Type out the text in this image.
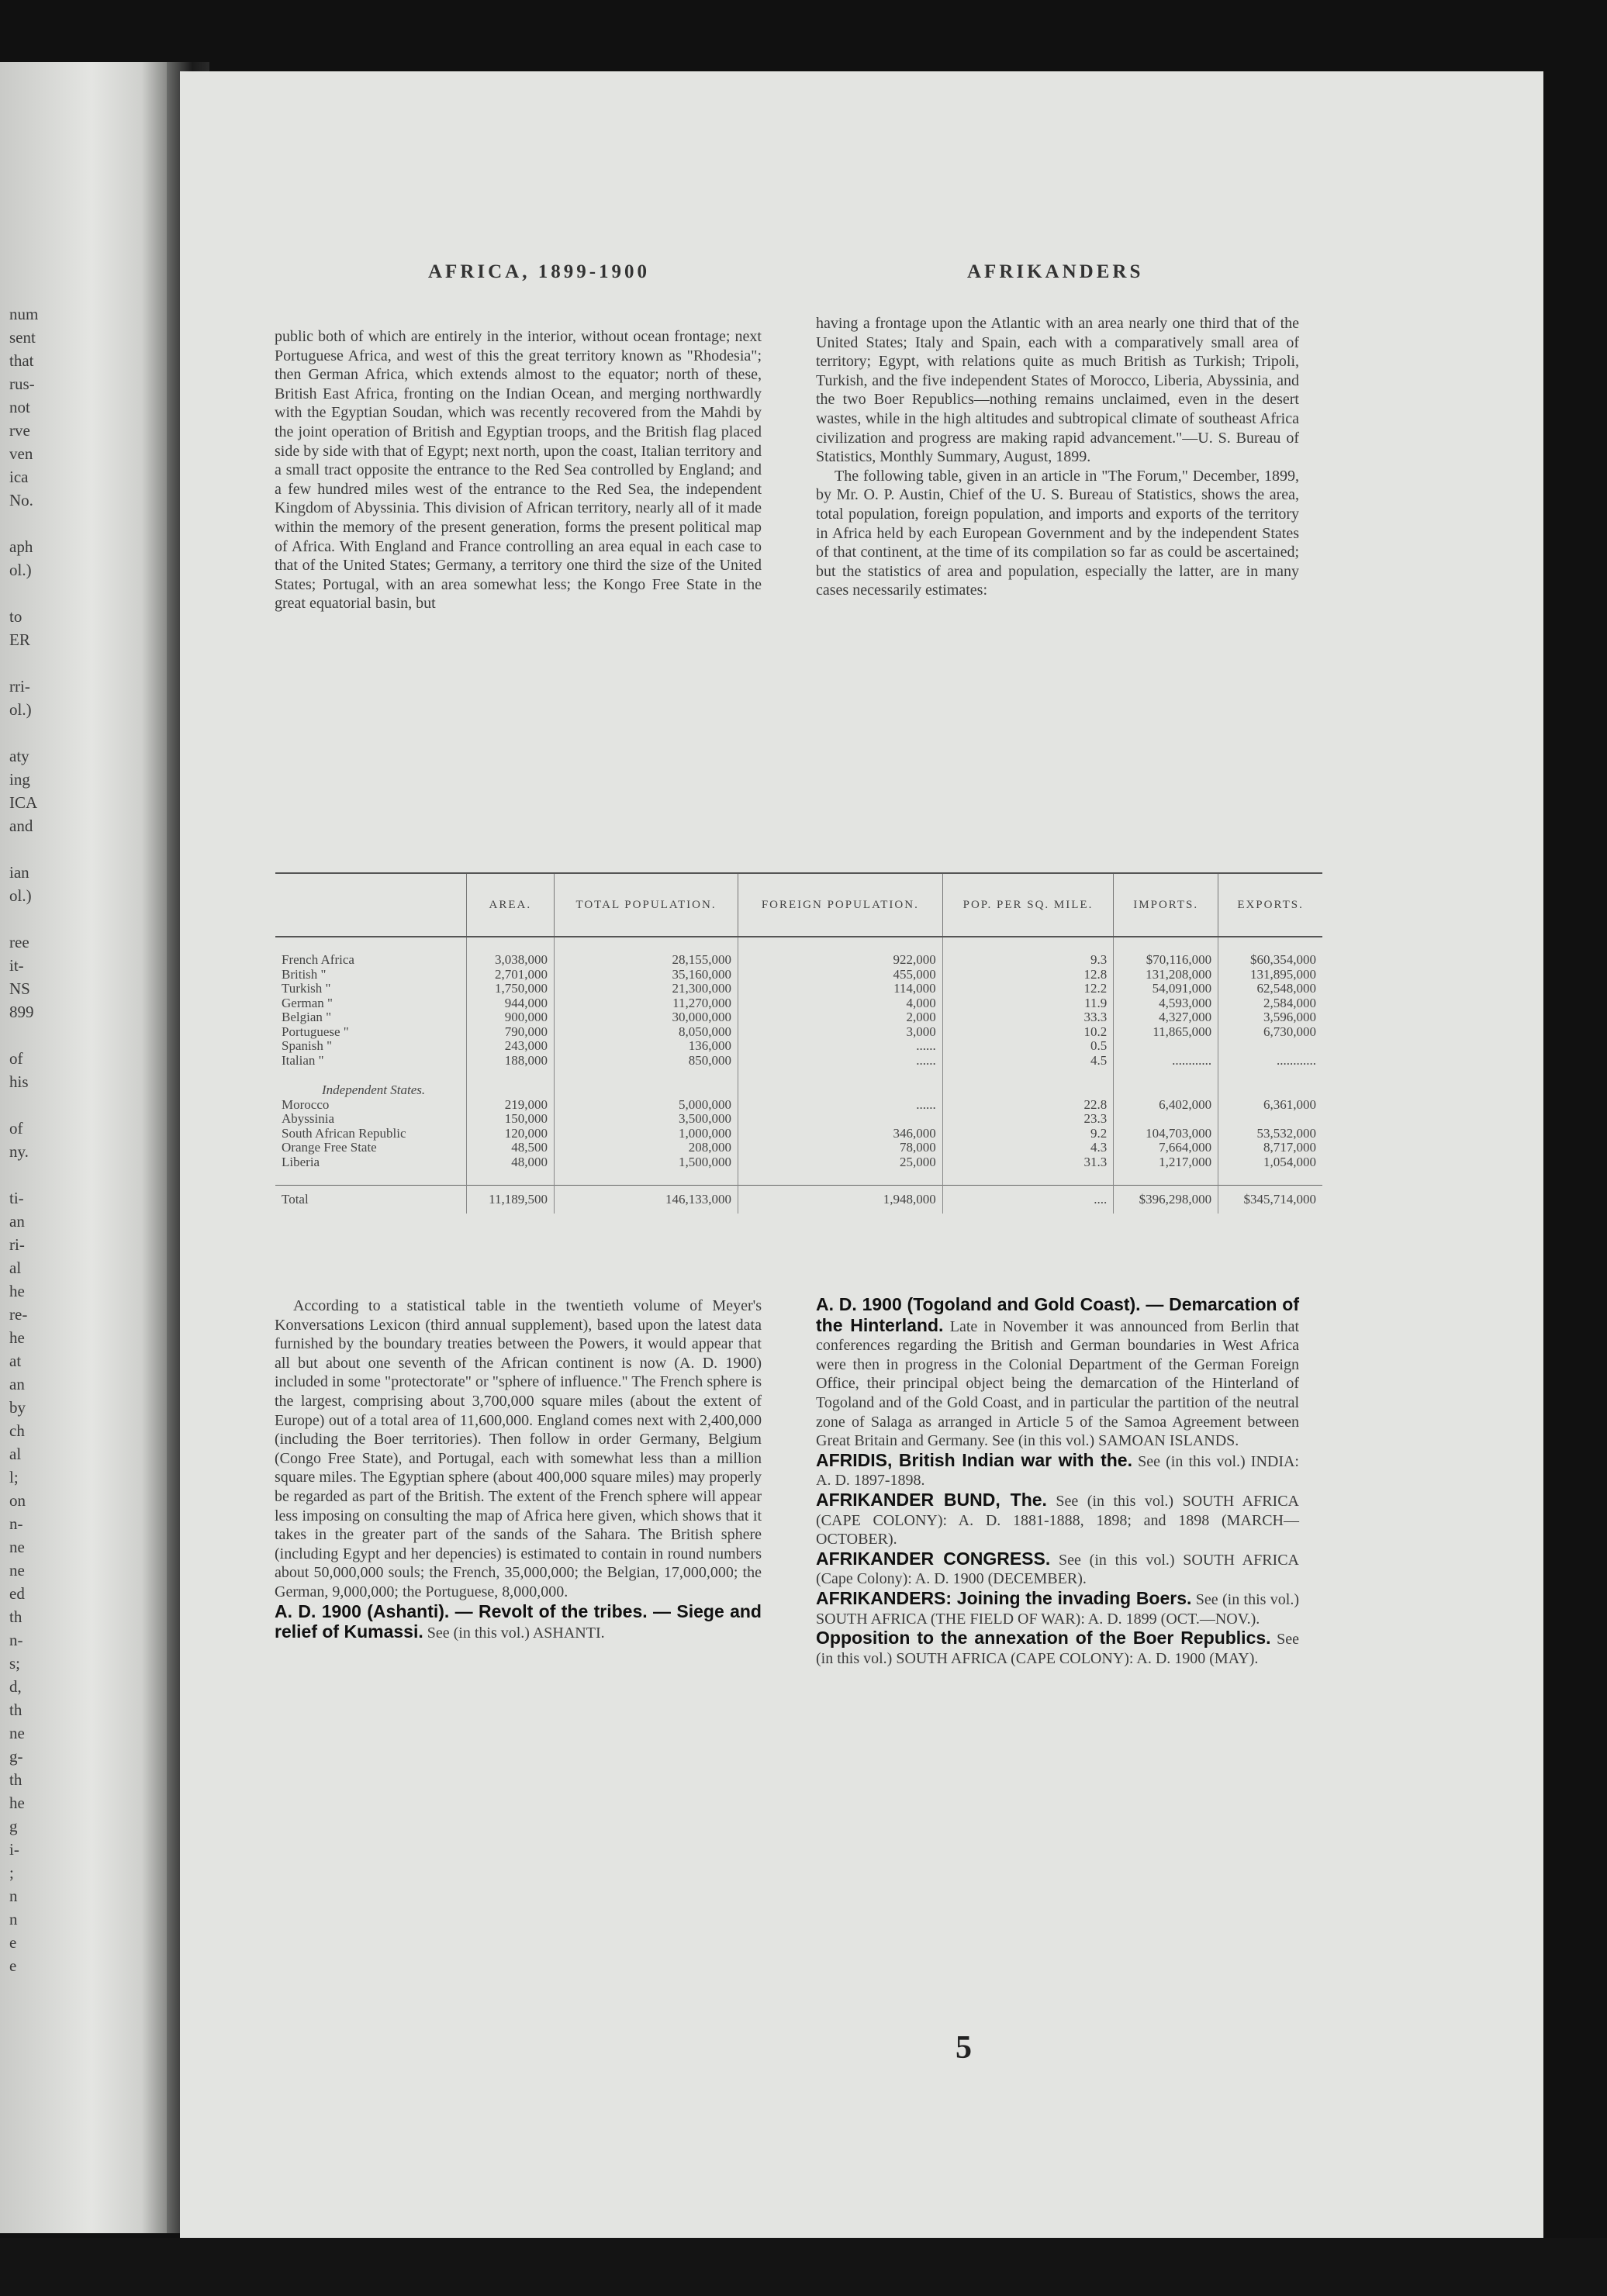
num
sent
that
rus-
not
rve
ven
ica
No.

aph
ol.)

to
ER

rri-
ol.)

aty
ing
ICA
and

ian
ol.)

ree
it-
NS
899

of
his

of
ny.

ti-
an
ri-
al
he
re-
he
at
an
by
ch
al
l;
on
n-
ne
ne
ed
th
n-
s;
d,
th
ne
g-
th
he
g
i-
;
n
n
e
e
AFRICA, 1899-1900	AFRIKANDERS

public both of which are entirely in the interior, without ocean frontage; next Portuguese Africa, and west of this the great territory known as "Rhodesia"; then German Africa, which extends almost to the equator; north of these, British East Africa, fronting on the Indian Ocean, and merging northwardly with the Egyptian Soudan, which was recently recovered from the Mahdi by the joint operation of British and Egyptian troops, and the British flag placed side by side with that of Egypt; next north, upon the coast, Italian territory and a small tract opposite the entrance to the Red Sea controlled by England; and a few hundred miles west of the entrance to the Red Sea, the independent Kingdom of Abyssinia. This division of African territory, nearly all of it made within the memory of the present generation, forms the present political map of Africa. With England and France controlling an area equal in each case to that of the United States; Germany, a territory one third the size of the United States; Portugal, with an area somewhat less; the Kongo Free State in the great equatorial basin, but

having a frontage upon the Atlantic with an area nearly one third that of the United States; Italy and Spain, each with a comparatively small area of territory; Egypt, with relations quite as much British as Turkish; Tripoli, Turkish, and the five independent States of Morocco, Liberia, Abyssinia, and the two Boer Republics—nothing remains unclaimed, even in the desert wastes, while in the high altitudes and subtropical climate of southeast Africa civilization and progress are making rapid advancement."—U. S. Bureau of Statistics, Monthly Summary, August, 1899.

The following table, given in an article in "The Forum," December, 1899, by Mr. O. P. Austin, Chief of the U. S. Bureau of Statistics, shows the area, total population, foreign population, and imports and exports of the territory in Africa held by each European Government and by the independent States of that continent, at the time of its compilation so far as could be ascertained; but the statistics of area and population, especially the latter, are in many cases necessarily estimates:

According to a statistical table in the twentieth volume of Meyer's Konversations Lexicon (third annual supplement), based upon the latest data furnished by the boundary treaties between the Powers, it would appear that all but about one seventh of the African continent is now (A. D. 1900) included in some "protectorate" or "sphere of influence." The French sphere is the largest, comprising about 3,700,000 square miles (about the extent of Europe) out of a total area of 11,600,000. England comes next with 2,400,000 (including the Boer territories). Then follow in order Germany, Belgium (Congo Free State), and Portugal, each with somewhat less than a million square miles. The Egyptian sphere (about 400,000 square miles) may properly be regarded as part of the British. The extent of the French sphere will appear less imposing on consulting the map of Africa here given, which shows that it takes in the greater part of the sands of the Sahara. The British sphere (including Egypt and her depencies) is estimated to contain in round numbers about 50,000,000 souls; the French, 35,000,000; the Belgian, 17,000,000; the German, 9,000,000; the Portuguese, 8,000,000.

A. D. 1900 (Ashanti). — Revolt of the tribes. — Siege and relief of Kumassi. See (in this vol.) ASHANTI.

A. D. 1900 (Togoland and Gold Coast). — Demarcation of the Hinterland. Late in November it was announced from Berlin that conferences regarding the British and German boundaries in West Africa were then in progress in the Colonial Department of the German Foreign Office, their principal object being the demarcation of the Hinterland of Togoland and of the Gold Coast, and in particular the partition of the neutral zone of Salaga as arranged in Article 5 of the Samoa Agreement between Great Britain and Germany. See (in this vol.) SAMOAN ISLANDS.

AFRIDIS, British Indian war with the. See (in this vol.) INDIA: A. D. 1897-1898.

AFRIKANDER BUND, The. See (in this vol.) SOUTH AFRICA (CAPE COLONY): A. D. 1881-1888, 1898; and 1898 (MARCH—OCTOBER).

AFRIKANDER CONGRESS. See (in this vol.) SOUTH AFRICA (Cape Colony): A. D. 1900 (DECEMBER).

AFRIKANDERS: Joining the invading Boers. See (in this vol.) SOUTH AFRICA (THE FIELD OF WAR): A. D. 1899 (OCT.—NOV.).

Opposition to the annexation of the Boer Republics. See (in this vol.) SOUTH AFRICA (CAPE COLONY): A. D. 1900 (MAY).

5
	AREA.	TOTAL POPULATION.	FOREIGN POPULATION.	POP. PER SQ. MILE.	IMPORTS.	EXPORTS.

French Africa	3,038,000	28,155,000	922,000	9.3	$70,116,000	$60,354,000
British "	2,701,000	35,160,000	455,000	12.8	131,208,000	131,895,000
Turkish "	1,750,000	21,300,000	114,000	12.2	54,091,000	62,548,000
German "	944,000	11,270,000	4,000	11.9	4,593,000	2,584,000
Belgian "	900,000	30,000,000	2,000	33.3	4,327,000	3,596,000
Portuguese "	790,000	8,050,000	3,000	10.2	11,865,000	6,730,000
Spanish "	243,000	136,000	......	0.5		
Italian "	188,000	850,000	......	4.5	............	............

Independent States.						
Morocco	219,000	5,000,000	......	22.8	6,402,000	6,361,000
Abyssinia	150,000	3,500,000		23.3		
South African Republic	120,000	1,000,000	346,000	9.2	104,703,000	53,532,000
Orange Free State	48,500	208,000	78,000	4.3	7,664,000	8,717,000
Liberia	48,000	1,500,000	25,000	31.3	1,217,000	1,054,000

Total	11,189,500	146,133,000	1,948,000	....	$396,298,000	$345,714,000
